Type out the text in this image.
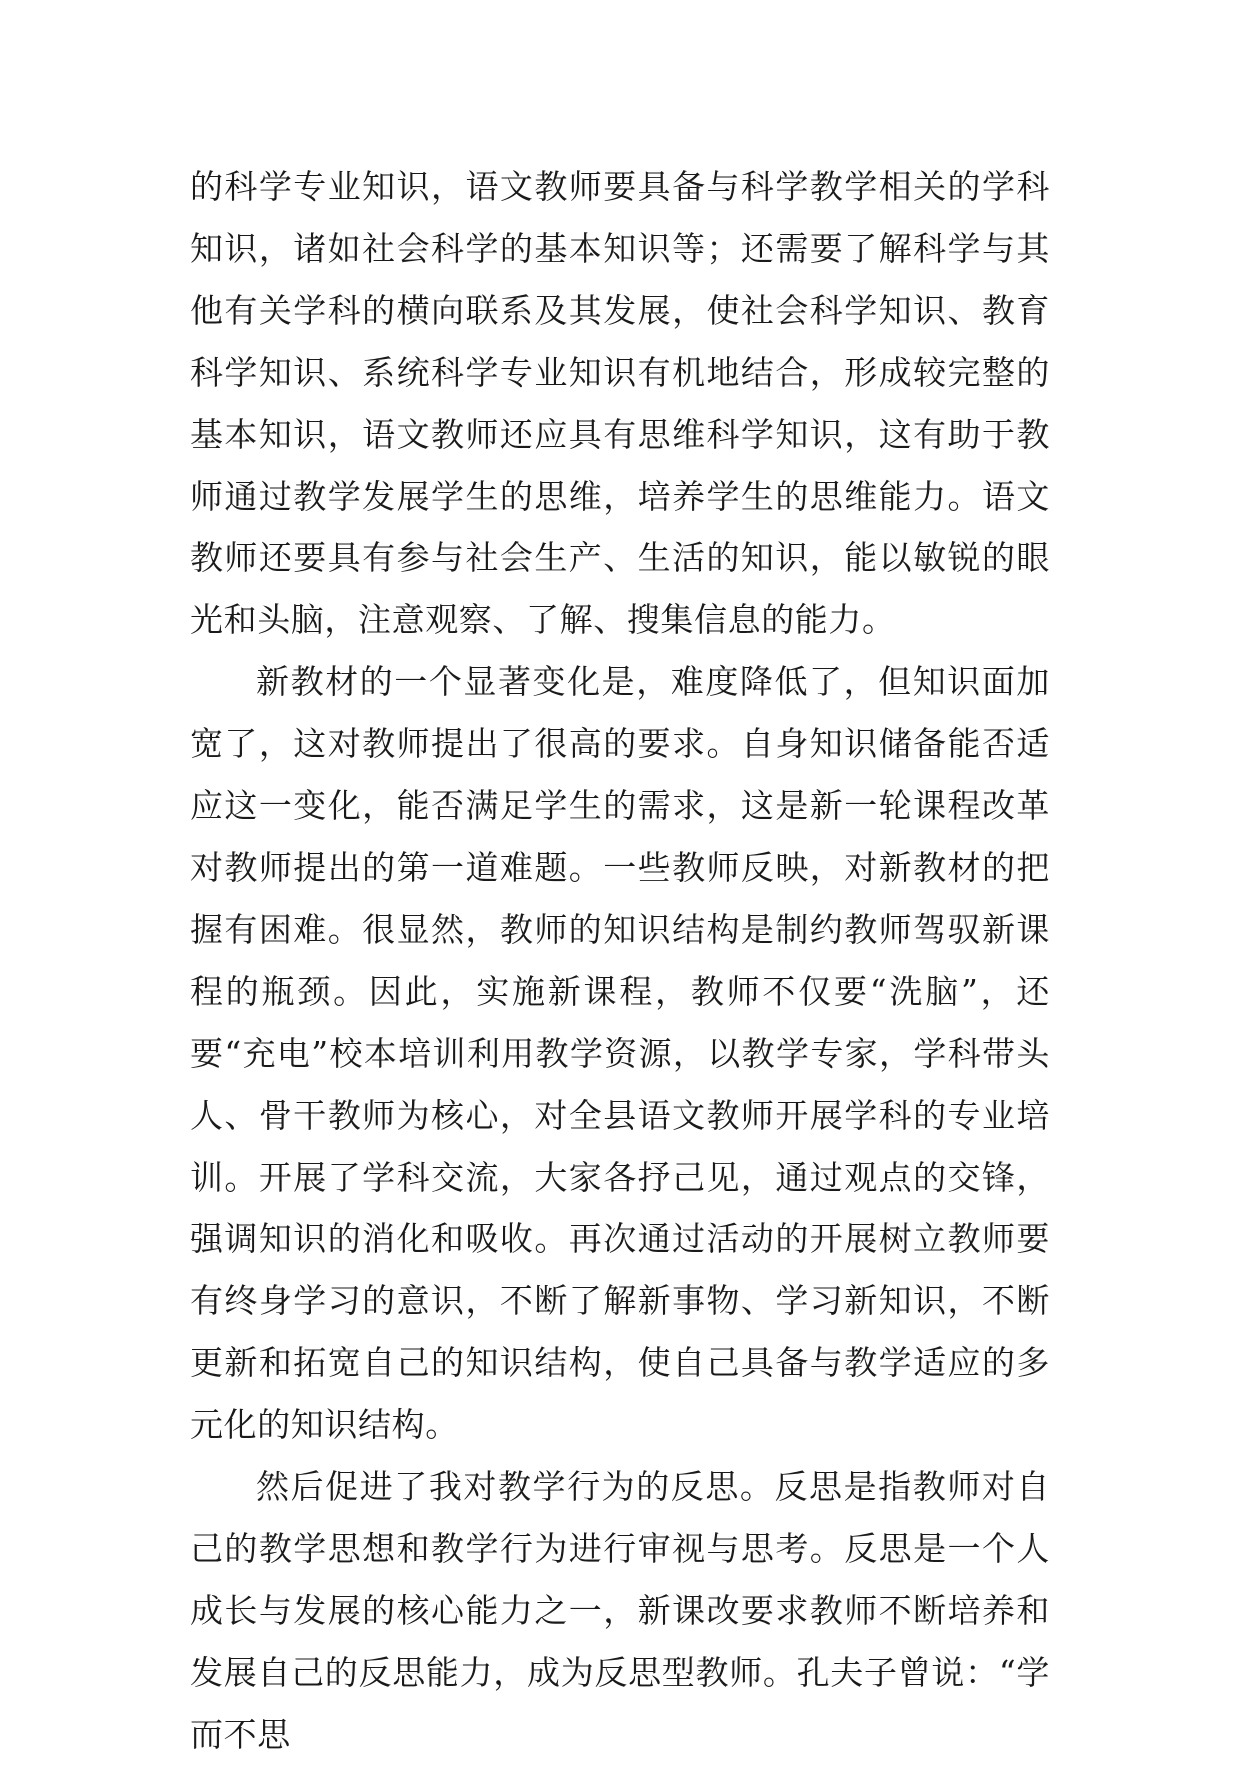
的科学专业知识，语文教师要具备与科学教学相关的学科知识，诸如社会科学的基本知识等；还需要了解科学与其他有关学科的横向联系及其发展，使社会科学知识、教育科学知识、系统科学专业知识有机地结合，形成较完整的基本知识，语文教师还应具有思维科学知识，这有助于教师通过教学发展学生的思维，培养学生的思维能力。语文教师还要具有参与社会生产、生活的知识，能以敏锐的眼光和头脑，注意观察、了解、搜集信息的能力。

新教材的一个显著变化是，难度降低了，但知识面加宽了，这对教师提出了很高的要求。自身知识储备能否适应这一变化，能否满足学生的需求，这是新一轮课程改革对教师提出的第一道难题。一些教师反映，对新教材的把握有困难。很显然，教师的知识结构是制约教师驾驭新课程的瓶颈。因此，实施新课程，教师不仅要“洗脑”，还要“充电”校本培训利用教学资源，以教学专家，学科带头人、骨干教师为核心，对全县语文教师开展学科的专业培训。开展了学科交流，大家各抒己见，通过观点的交锋，强调知识的消化和吸收。再次通过活动的开展树立教师要有终身学习的意识，不断了解新事物、学习新知识，不断更新和拓宽自己的知识结构，使自己具备与教学适应的多元化的知识结构。

然后促进了我对教学行为的反思。反思是指教师对自己的教学思想和教学行为进行审视与思考。反思是一个人成长与发展的核心能力之一，新课改要求教师不断培养和发展自己的反思能力，成为反思型教师。孔夫子曾说：“学而不思
